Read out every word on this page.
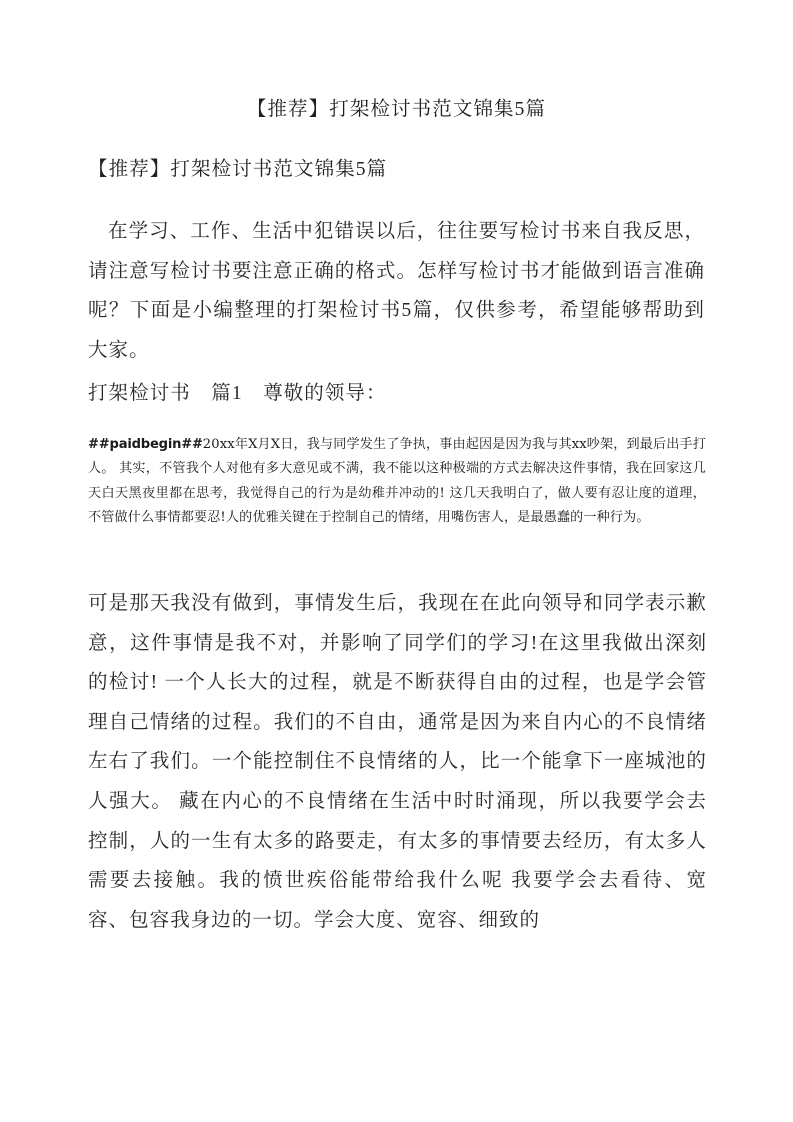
【推荐】打架检讨书范文锦集5篇

【推荐】打架检讨书范文锦集5篇

在学习、工作、生活中犯错误以后，往往要写检讨书来自我反思，请注意写检讨书要注意正确的格式。怎样写检讨书才能做到语言准确呢？下面是小编整理的打架检讨书5篇，仅供参考，希望能够帮助到大家。

打架检讨书　篇1　尊敬的领导：

##paidbegin##20xx年X月X日，我与同学发生了争执，事由起因是因为我与其xx吵架，到最后出手打人。 其实，不管我个人对他有多大意见或不满，我不能以这种极端的方式去解决这件事情，我在回家这几天白天黑夜里都在思考，我觉得自己的行为是幼稚并冲动的! 这几天我明白了，做人要有忍让度的道理，不管做什么事情都要忍!人的优雅关键在于控制自己的情绪，用嘴伤害人，是最愚蠢的一种行为。

可是那天我没有做到，事情发生后，我现在在此向领导和同学表示歉意，这件事情是我不对，并影响了同学们的学习!在这里我做出深刻的检讨! 一个人长大的过程，就是不断获得自由的过程，也是学会管理自己情绪的过程。我们的不自由，通常是因为来自内心的不良情绪左右了我们。一个能控制住不良情绪的人，比一个能拿下一座城池的人强大。 藏在内心的不良情绪在生活中时时涌现，所以我要学会去控制，人的一生有太多的路要走，有太多的事情要去经历，有太多人需要去接触。我的愤世疾俗能带给我什么呢 我要学会去看待、宽容、包容我身边的一切。学会大度、宽容、细致的
